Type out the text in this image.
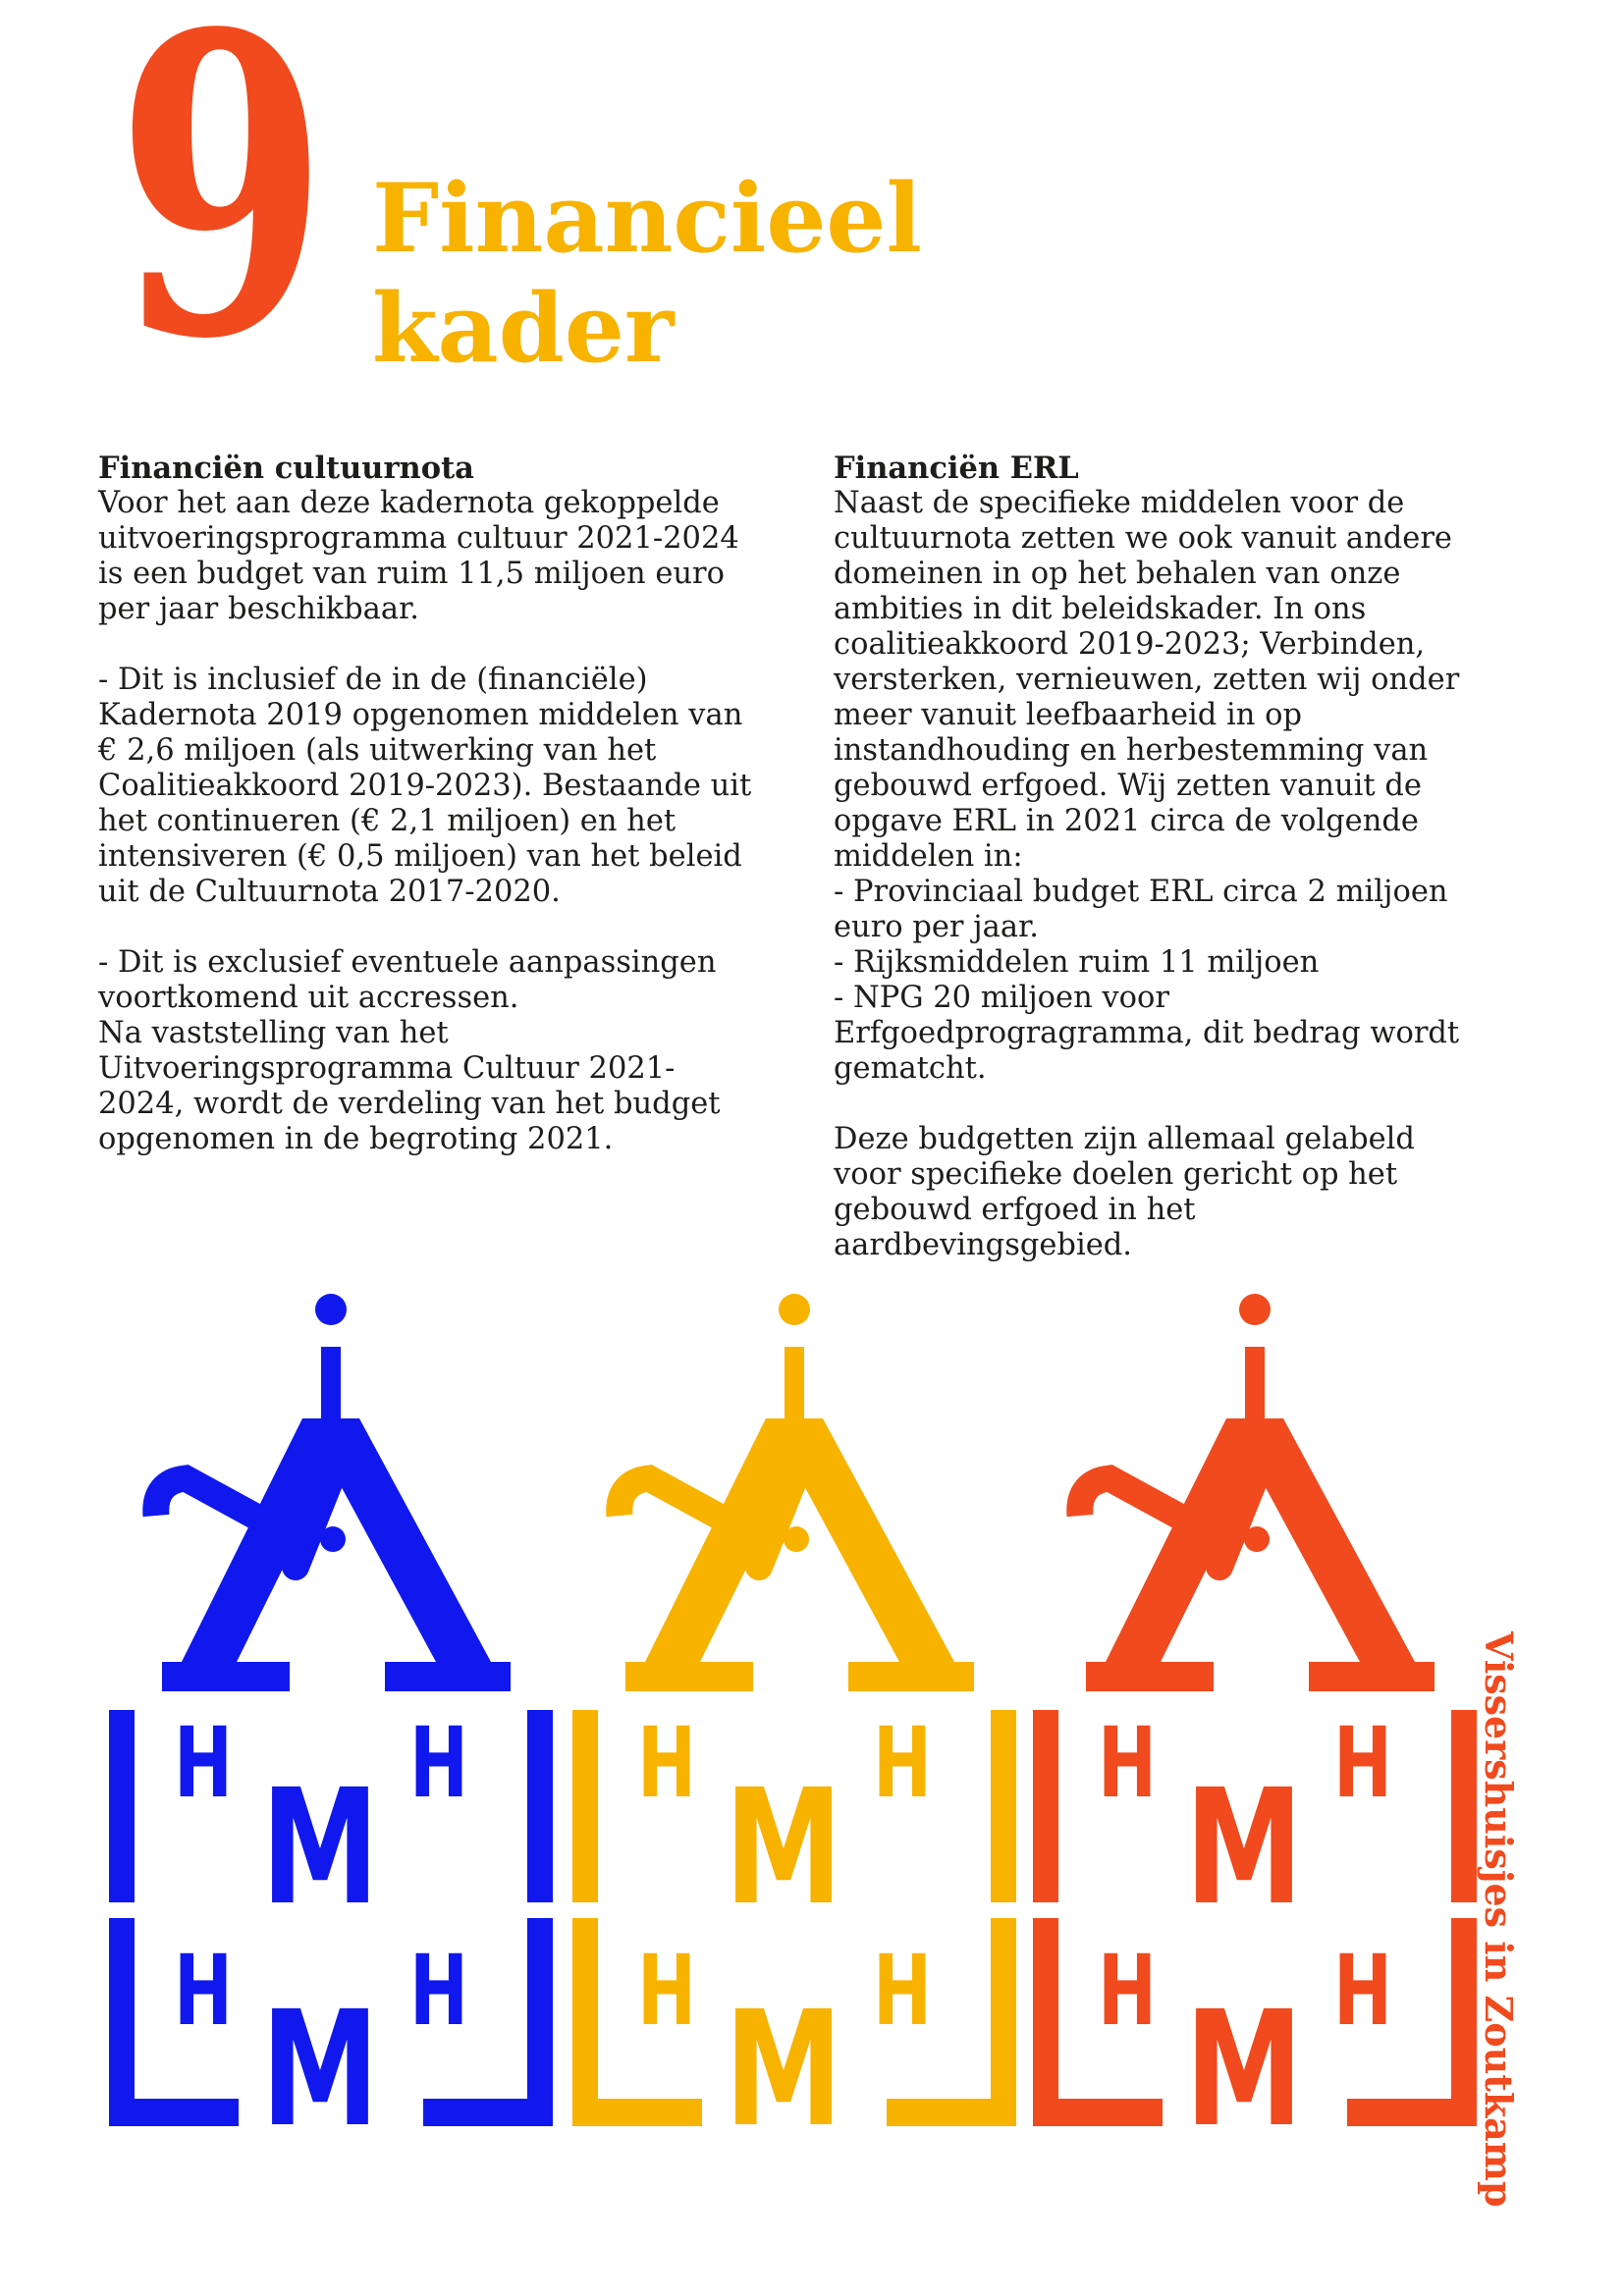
9 Financieel
kader

Financiën cultuurnota

Voor het aan deze kadernota gekoppelde uitvoeringsprogramma cultuur 2021-2024 is een budget van ruim 11,5 miljoen euro per jaar beschikbaar.

- Dit is inclusief de in de (financiële) Kadernota 2019 opgenomen middelen van € 2,6 miljoen (als uitwerking van het Coalitieakkoord 2019-2023). Bestaande uit het continueren (€ 2,1 miljoen) en het intensiveren (€ 0,5 miljoen) van het beleid uit de Cultuurnota 2017-2020.

- Dit is exclusief eventuele aanpassingen voortkomend uit accressen.

Na vaststelling van het Uitvoeringsprogramma Cultuur 2021-2024, wordt de verdeling van het budget opgenomen in de begroting 2021.

Financiën ERL

Naast de specifieke middelen voor de cultuurnota zetten we ook vanuit andere domeinen in op het behalen van onze ambities in dit beleidskader. In ons coalitieakkoord 2019-2023; Verbinden, versterken, vernieuwen, zetten wij onder meer vanuit leefbaarheid in op instandhouding en herbestemming van gebouwd erfgoed. Wij zetten vanuit de opgave ERL in 2021 circa de volgende middelen in:

- Provinciaal budget ERL circa 2 miljoen euro per jaar.

- Rijksmiddelen ruim 11 miljoen

- NPG 20 miljoen voor Erfgoedprogragramma, dit bedrag wordt gematcht.

Deze budgetten zijn allemaal gelabeld voor specifieke doelen gericht op het gebouwd erfgoed in het aardbevingsgebied.

H M H
H M H
H M H
H M H
H M H
H M H Vissershuisjes in Zoutkamp
